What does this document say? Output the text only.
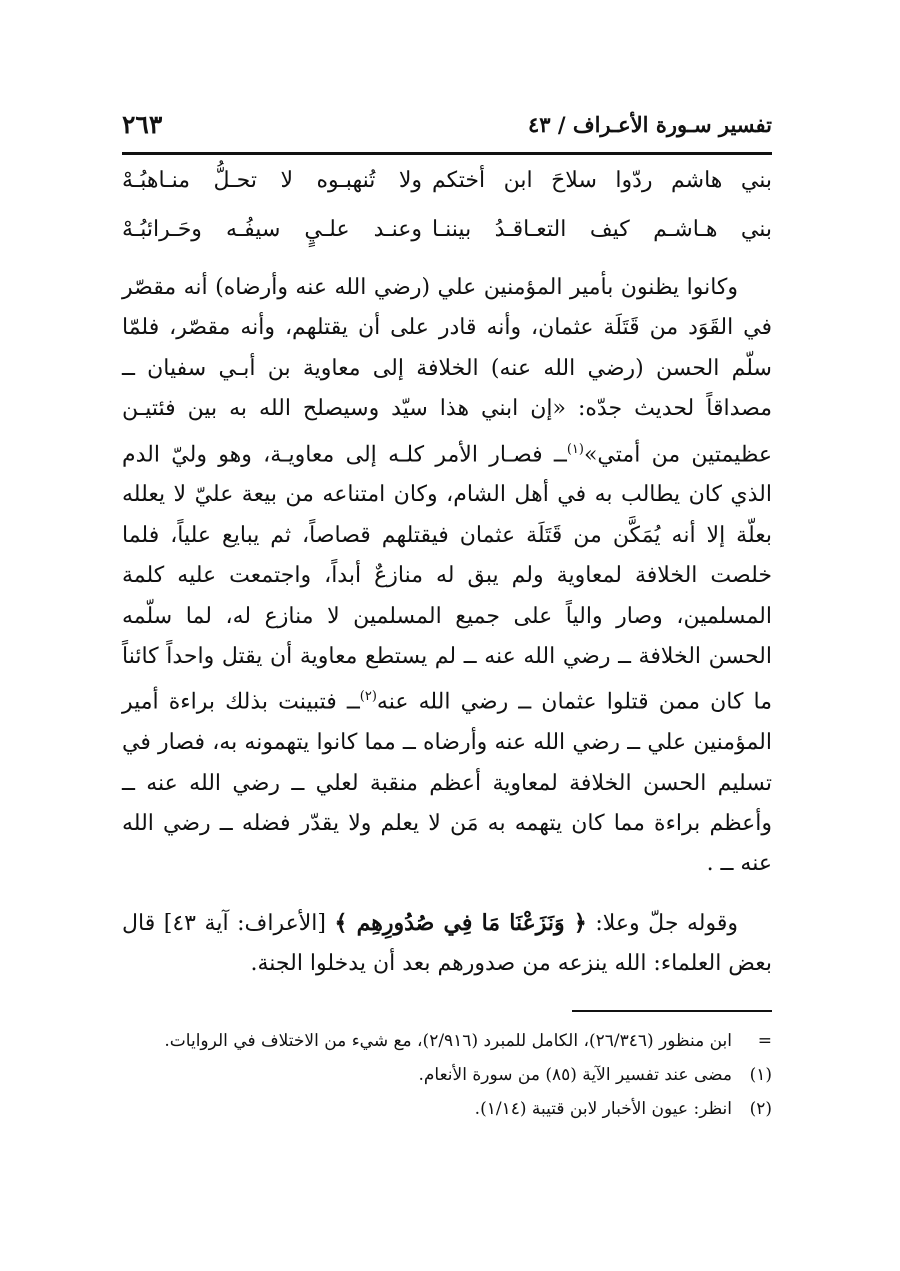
تفسير سـورة الأعـراف / ٤٣
٢٦٣
بني هاشم ردّوا سلاحَ ابن أختكم
ولا تُنهبـوه لا تحـلُّ منـاهبُـهْ
بني هـاشـم كيف التعـاقـدُ بيننـا
وعنـد علـيٍ سيفُـه وحَـرائبُـهْ

وكانوا يظنون بأمير المؤمنين علي (رضي الله عنه وأرضاه) أنه مقصّر في القَوَد من قَتَلَة عثمان، وأنه قادر على أن يقتلهم، وأنه مقصّر، فلمّا سلّم الحسن (رضي الله عنه) الخلافة إلى معاوية بن أبـي سفيان ــ مصداقاً لحديث جدّه: «إن ابني هذا سيّد وسيصلح الله به بين فئتيـن عظيمتين من أمتي»$^{(١)}$ــ فصـار الأمر كلـه إلى معاويـة، وهو وليّ الدم الذي كان يطالب به في أهل الشام، وكان امتناعه من بيعة عليّ لا يعلله بعلّة إلا أنه يُمَكَّن من قَتَلَة عثمان فيقتلهم قصاصاً، ثم يبايع علياً، فلما خلصت الخلافة لمعاوية ولم يبق له منازعٌ أبداً، واجتمعت عليه كلمة المسلمين، وصار والياً على جميع المسلمين لا منازع له، لما سلّمه الحسن الخلافة ــ رضي الله عنه ــ لم يستطع معاوية أن يقتل واحداً كائناً ما كان ممن قتلوا عثمان ــ رضي الله عنه$^{(٢)}$ــ فتبينت بذلك براءة أمير المؤمنين علي ــ رضي الله عنه وأرضاه ــ مما كانوا يتهمونه به، فصار في تسليم الحسن الخلافة لمعاوية أعظم منقبة لعلي ــ رضي الله عنه ــ وأعظم براءة مما كان يتهمه به مَن لا يعلم ولا يقدّر فضله ــ رضي الله عنه ــ .

وقوله جلّ وعلا: ﴿ وَنَزَعْنَا مَا فِي صُدُورِهِم ﴾ [الأعراف: آية ٤٣] قال بعض العلماء: الله ينزعه من صدورهم بعد أن يدخلوا الجنة.

=
ابن منظور (٢٦/٣٤٦)، الكامل للمبرد (٢/٩١٦)، مع شيء من الاختلاف في الروايات.
(١)
مضى عند تفسير الآية (٨٥) من سورة الأنعام.
(٢)
انظر: عيون الأخبار لابن قتيبة (١/١٤).
